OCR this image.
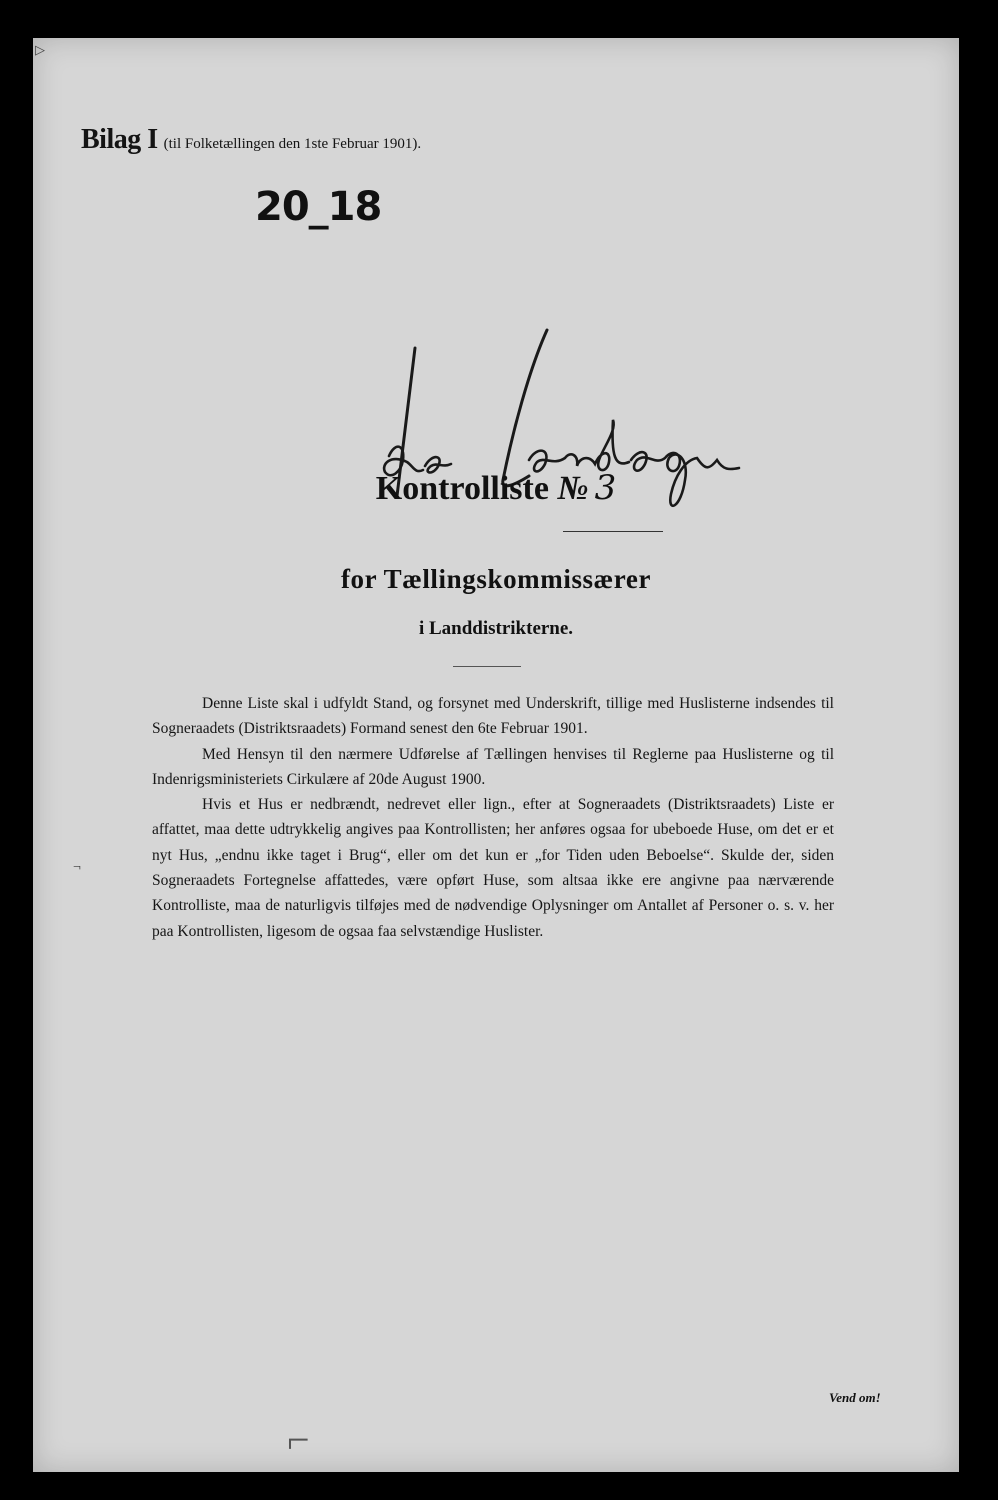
▷
Bilag I (til Folketællingen den 1ste Februar 1901).
20_18
Kontrolliste № 3
for Tællingskommissærer
i Landdistrikterne.

Denne Liste skal i udfyldt Stand, og forsynet med Underskrift, tillige med Huslisterne indsendes til Sogneraadets (Distriktsraadets) Formand senest den 6te Februar 1901.

Med Hensyn til den nærmere Udførelse af Tællingen henvises til Reglerne paa Huslisterne og til Indenrigsministeriets Cirkulære af 20de August 1900.

Hvis et Hus er nedbrændt, nedrevet eller lign., efter at Sogneraadets (Distriktsraadets) Liste er affattet, maa dette udtrykkelig angives paa Kontrollisten; her anføres ogsaa for ubeboede Huse, om det er et nyt Hus, „endnu ikke taget i Brug“, eller om det kun er „for Tiden uden Beboelse“. Skulde der, siden Sogneraadets Fortegnelse affattedes, være opført Huse, som altsaa ikke ere angivne paa nærværende Kontrolliste, maa de naturligvis tilføjes med de nødvendige Oplysninger om Antallet af Personer o. s. v. her paa Kontrollisten, ligesom de ogsaa faa selvstændige Huslister.

¬
⌐
Vend om!
